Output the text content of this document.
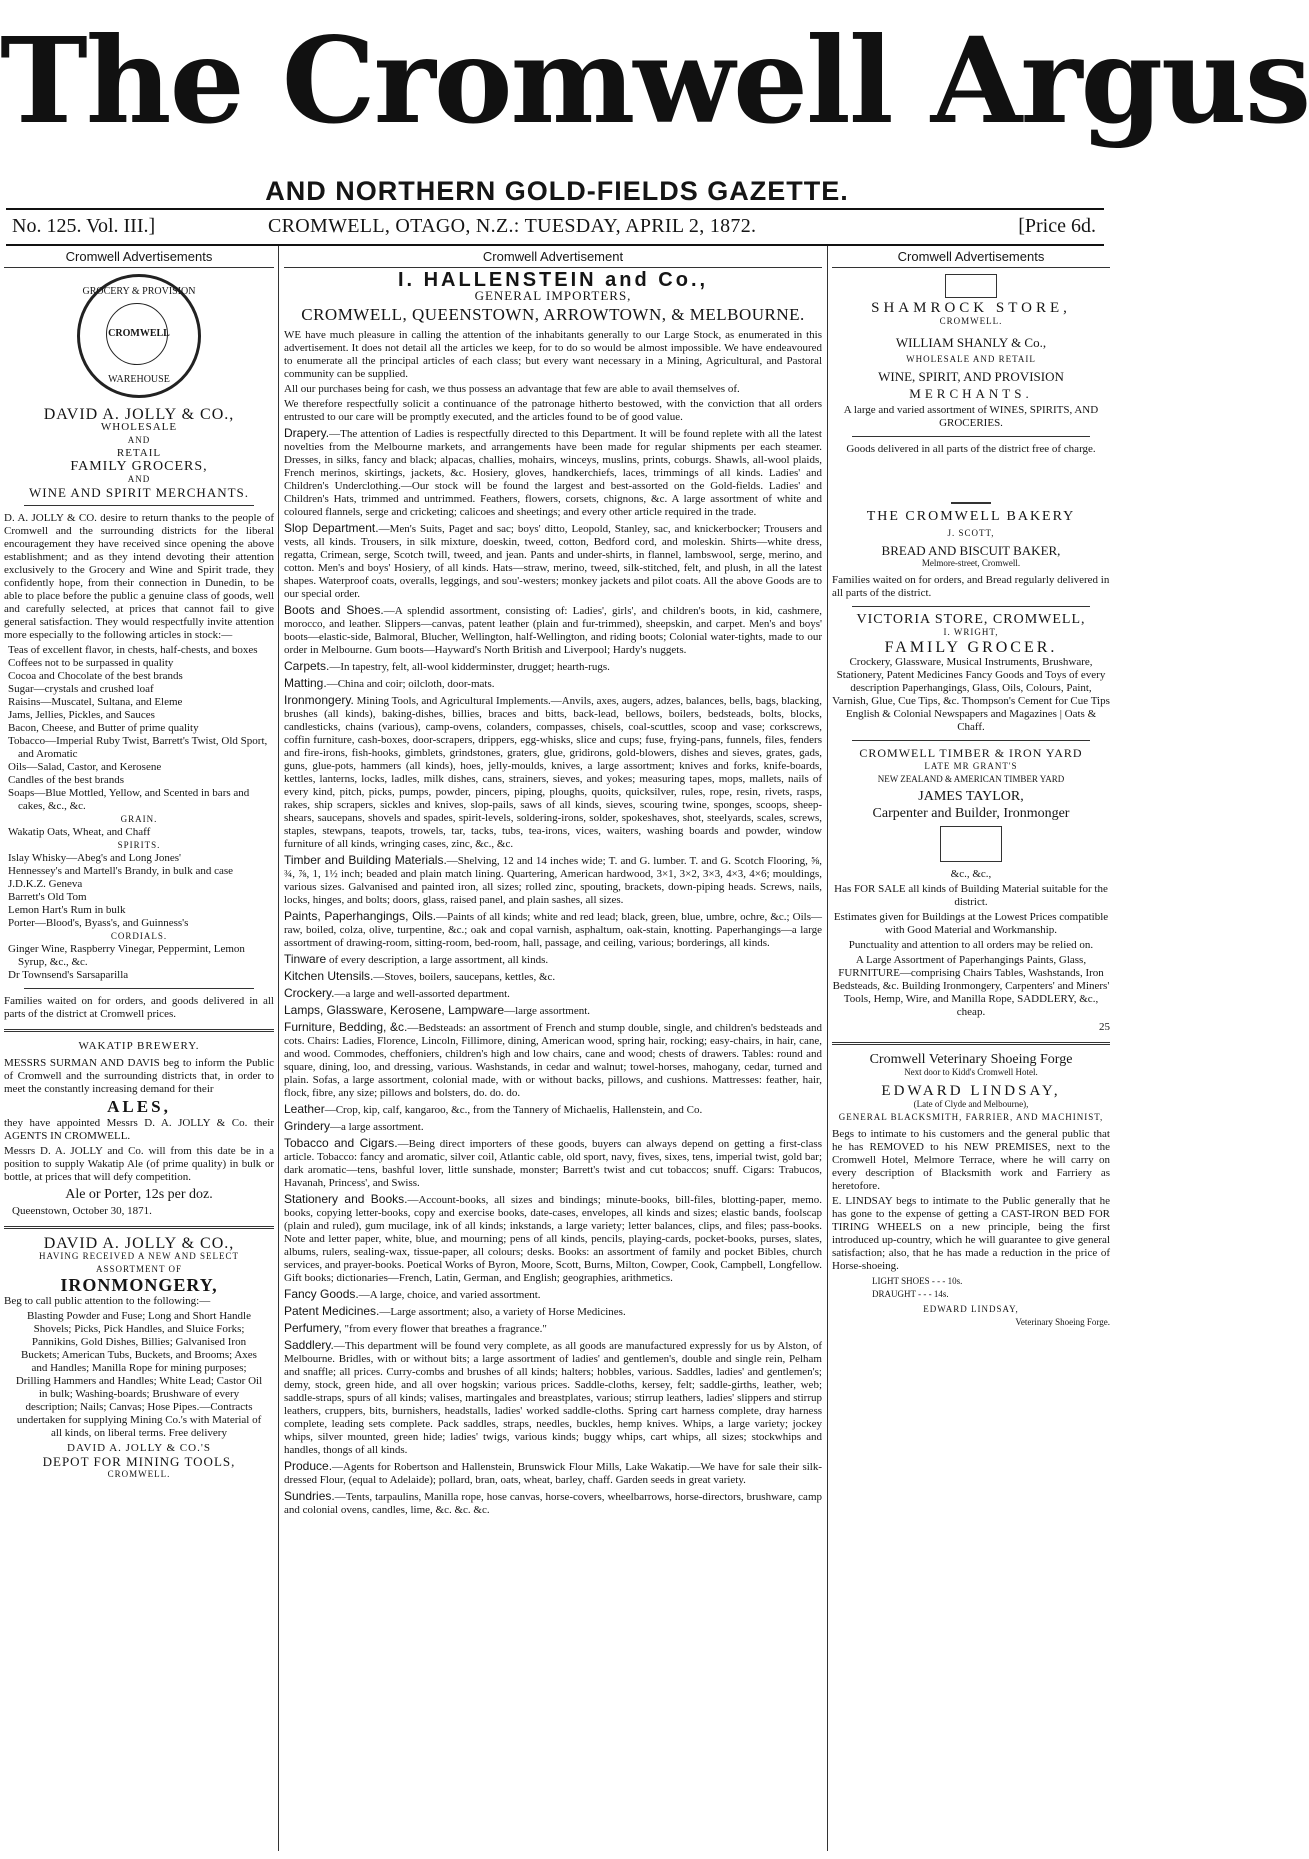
The Cromwell Argus
AND NORTHERN GOLD-FIELDS GAZETTE.
No. 125. Vol. III.]	CROMWELL, OTAGO, N.Z.: TUESDAY, APRIL 2, 1872.	[Price 6d.
Cromwell Advertisements
GROCERY & PROVISION
CROMWELL
WAREHOUSE
DAVID A. JOLLY & CO.,
WHOLESALE
AND
RETAIL
FAMILY GROCERS,
AND
WINE AND SPIRIT MERCHANTS.

D. A. JOLLY & CO. desire to return thanks to the people of Cromwell and the surrounding districts for the liberal encouragement they have received since opening the above establishment; and as they intend devoting their attention exclusively to the Grocery and Wine and Spirit trade, they confidently hope, from their connection in Dunedin, to be able to place before the public a genuine class of goods, well and carefully selected, at prices that cannot fail to give general satisfaction. They would respectfully invite attention more especially to the following articles in stock:—

Teas of excellent flavor, in chests, half-chests, and boxes
Coffees not to be surpassed in quality
Cocoa and Chocolate of the best brands
Sugar—crystals and crushed loaf
Raisins—Muscatel, Sultana, and Eleme
Jams, Jellies, Pickles, and Sauces
Bacon, Cheese, and Butter of prime quality
Tobacco—Imperial Ruby Twist, Barrett's Twist, Old Sport, and Aromatic
Oils—Salad, Castor, and Kerosene
Candles of the best brands
Soaps—Blue Mottled, Yellow, and Scented in bars and cakes, &c., &c.
GRAIN.
Wakatip Oats, Wheat, and Chaff
SPIRITS.
Islay Whisky—Abeg's and Long Jones'
Hennessey's and Martell's Brandy, in bulk and case
J.D.K.Z. Geneva
Barrett's Old Tom
Lemon Hart's Rum in bulk
Porter—Blood's, Byass's, and Guinness's
CORDIALS.
Ginger Wine, Raspberry Vinegar, Peppermint, Lemon Syrup, &c., &c.
Dr Townsend's Sarsaparilla

Families waited on for orders, and goods delivered in all parts of the district at Cromwell prices.

WAKATIP BREWERY.

MESSRS SURMAN AND DAVIS beg to inform the Public of Cromwell and the surrounding districts that, in order to meet the constantly increasing demand for their

ALES,

they have appointed Messrs D. A. JOLLY & Co. their AGENTS IN CROMWELL.

Messrs D. A. JOLLY and Co. will from this date be in a position to supply Wakatip Ale (of prime quality) in bulk or bottle, at prices that will defy competition.

Ale or Porter, 12s per doz.

Queenstown, October 30, 1871.

DAVID A. JOLLY & CO.,
HAVING RECEIVED A NEW AND SELECT
ASSORTMENT OF
IRONMONGERY,

Beg to call public attention to the following:—

Blasting Powder and Fuse; Long and Short Handle Shovels; Picks, Pick Handles, and Sluice Forks; Pannikins, Gold Dishes, Billies; Galvanised Iron Buckets; American Tubs, Buckets, and Brooms; Axes and Handles; Manilla Rope for mining purposes; Drilling Hammers and Handles; White Lead; Castor Oil in bulk; Washing-boards; Brushware of every description; Nails; Canvas; Hose Pipes.—Contracts undertaken for supplying Mining Co.'s with Material of all kinds, on liberal terms. Free delivery

DAVID A. JOLLY & CO.'S
DEPOT FOR MINING TOOLS,
CROMWELL.
Cromwell Advertisement
I. HALLENSTEIN and Co.,
GENERAL IMPORTERS,
CROMWELL, QUEENSTOWN, ARROWTOWN, & MELBOURNE.

WE have much pleasure in calling the attention of the inhabitants generally to our Large Stock, as enumerated in this advertisement. It does not detail all the articles we keep, for to do so would be almost impossible. We have endeavoured to enumerate all the principal articles of each class; but every want necessary in a Mining, Agricultural, and Pastoral community can be supplied.

All our purchases being for cash, we thus possess an advantage that few are able to avail themselves of.

We therefore respectfully solicit a continuance of the patronage hitherto bestowed, with the conviction that all orders entrusted to our care will be promptly executed, and the articles found to be of good value.

Drapery.—The attention of Ladies is respectfully directed to this Department. It will be found replete with all the latest novelties from the Melbourne markets, and arrangements have been made for regular shipments per each steamer. Dresses, in silks, fancy and black; alpacas, challies, mohairs, winceys, muslins, prints, coburgs. Shawls, all-wool plaids, French merinos, skirtings, jackets, &c. Hosiery, gloves, handkerchiefs, laces, trimmings of all kinds. Ladies' and Children's Underclothing.—Our stock will be found the largest and best-assorted on the Gold-fields. Ladies' and Children's Hats, trimmed and untrimmed. Feathers, flowers, corsets, chignons, &c. A large assortment of white and coloured flannels, serge and cricketing; calicoes and sheetings; and every other article required in the trade.

Slop Department.—Men's Suits, Paget and sac; boys' ditto, Leopold, Stanley, sac, and knickerbocker; Trousers and vests, all kinds. Trousers, in silk mixture, doeskin, tweed, cotton, Bedford cord, and moleskin. Shirts—white dress, regatta, Crimean, serge, Scotch twill, tweed, and jean. Pants and under-shirts, in flannel, lambswool, serge, merino, and cotton. Men's and boys' Hosiery, of all kinds. Hats—straw, merino, tweed, silk-stitched, felt, and plush, in all the latest shapes. Waterproof coats, overalls, leggings, and sou'-westers; monkey jackets and pilot coats. All the above Goods are to our special order.

Boots and Shoes.—A splendid assortment, consisting of: Ladies', girls', and children's boots, in kid, cashmere, morocco, and leather. Slippers—canvas, patent leather (plain and fur-trimmed), sheepskin, and carpet. Men's and boys' boots—elastic-side, Balmoral, Blucher, Wellington, half-Wellington, and riding boots; Colonial water-tights, made to our order in Melbourne. Gum boots—Hayward's North British and Liverpool; Hardy's nuggets.

Carpets.—In tapestry, felt, all-wool kidderminster, drugget; hearth-rugs.

Matting.—China and coir; oilcloth, door-mats.

Ironmongery. Mining Tools, and Agricultural Implements.—Anvils, axes, augers, adzes, balances, bells, bags, blacking, brushes (all kinds), baking-dishes, billies, braces and bitts, back-lead, bellows, boilers, bedsteads, bolts, blocks, candlesticks, chains (various), camp-ovens, colanders, compasses, chisels, coal-scuttles, scoop and vase; corkscrews, coffin furniture, cash-boxes, door-scrapers, drippers, egg-whisks, slice and cups; fuse, frying-pans, funnels, files, fenders and fire-irons, fish-hooks, gimblets, grindstones, graters, glue, gridirons, gold-blowers, dishes and sieves, grates, gads, guns, glue-pots, hammers (all kinds), hoes, jelly-moulds, knives, a large assortment; knives and forks, knife-boards, kettles, lanterns, locks, ladles, milk dishes, cans, strainers, sieves, and yokes; measuring tapes, mops, mallets, nails of every kind, pitch, picks, pumps, powder, pincers, piping, ploughs, quoits, quicksilver, rules, rope, resin, rivets, rasps, rakes, ship scrapers, sickles and knives, slop-pails, saws of all kinds, sieves, scouring twine, sponges, scoops, sheep-shears, saucepans, shovels and spades, spirit-levels, soldering-irons, solder, spokeshaves, shot, steelyards, scales, screws, staples, stewpans, teapots, trowels, tar, tacks, tubs, tea-irons, vices, waiters, washing boards and powder, window furniture of all kinds, wringing cases, zinc, &c., &c.

Timber and Building Materials.—Shelving, 12 and 14 inches wide; T. and G. lumber. T. and G. Scotch Flooring, ⅝, ¾, ⅞, 1, 1½ inch; beaded and plain match lining. Quartering, American hardwood, 3×1, 3×2, 3×3, 4×3, 4×6; mouldings, various sizes. Galvanised and painted iron, all sizes; rolled zinc, spouting, brackets, down-piping heads. Screws, nails, locks, hinges, and bolts; doors, glass, raised panel, and plain sashes, all sizes.

Paints, Paperhangings, Oils.—Paints of all kinds; white and red lead; black, green, blue, umbre, ochre, &c.; Oils—raw, boiled, colza, olive, turpentine, &c.; oak and copal varnish, asphaltum, oak-stain, knotting. Paperhangings—a large assortment of drawing-room, sitting-room, bed-room, hall, passage, and ceiling, various; borderings, all kinds.

Tinware of every description, a large assortment, all kinds.

Kitchen Utensils.—Stoves, boilers, saucepans, kettles, &c.

Crockery.—a large and well-assorted department.

Lamps, Glassware, Kerosene, Lampware—large assortment.

Furniture, Bedding, &c.—Bedsteads: an assortment of French and stump double, single, and children's bedsteads and cots. Chairs: Ladies, Florence, Lincoln, Fillimore, dining, American wood, spring hair, rocking; easy-chairs, in hair, cane, and wood. Commodes, cheffoniers, children's high and low chairs, cane and wood; chests of drawers. Tables: round and square, dining, loo, and dressing, various. Washstands, in cedar and walnut; towel-horses, mahogany, cedar, turned and plain. Sofas, a large assortment, colonial made, with or without backs, pillows, and cushions. Mattresses: feather, hair, flock, fibre, any size; pillows and bolsters, do. do. do.

Leather—Crop, kip, calf, kangaroo, &c., from the Tannery of Michaelis, Hallenstein, and Co.

Grindery—a large assortment.

Tobacco and Cigars.—Being direct importers of these goods, buyers can always depend on getting a first-class article. Tobacco: fancy and aromatic, silver coil, Atlantic cable, old sport, navy, fives, sixes, tens, imperial twist, gold bar; dark aromatic—tens, bashful lover, little sunshade, monster; Barrett's twist and cut tobaccos; snuff. Cigars: Trabucos, Havanah, Princess', and Swiss.

Stationery and Books.—Account-books, all sizes and bindings; minute-books, bill-files, blotting-paper, memo. books, copying letter-books, copy and exercise books, date-cases, envelopes, all kinds and sizes; elastic bands, foolscap (plain and ruled), gum mucilage, ink of all kinds; inkstands, a large variety; letter balances, clips, and files; pass-books. Note and letter paper, white, blue, and mourning; pens of all kinds, pencils, playing-cards, pocket-books, purses, slates, albums, rulers, sealing-wax, tissue-paper, all colours; desks. Books: an assortment of family and pocket Bibles, church services, and prayer-books. Poetical Works of Byron, Moore, Scott, Burns, Milton, Cowper, Cook, Campbell, Longfellow. Gift books; dictionaries—French, Latin, German, and English; geographies, arithmetics.

Fancy Goods.—A large, choice, and varied assortment.

Patent Medicines.—Large assortment; also, a variety of Horse Medicines.

Perfumery, "from every flower that breathes a fragrance."

Saddlery.—This department will be found very complete, as all goods are manufactured expressly for us by Alston, of Melbourne. Bridles, with or without bits; a large assortment of ladies' and gentlemen's, double and single rein, Pelham and snaffle; all prices. Curry-combs and brushes of all kinds; halters; hobbles, various. Saddles, ladies' and gentlemen's; demy, stock, green hide, and all over hogskin; various prices. Saddle-cloths, kersey, felt; saddle-girths, leather, web; saddle-straps, spurs of all kinds; valises, martingales and breastplates, various; stirrup leathers, ladies' slippers and stirrup leathers, cruppers, bits, burnishers, headstalls, ladies' worked saddle-cloths. Spring cart harness complete, dray harness complete, leading sets complete. Pack saddles, straps, needles, buckles, hemp knives. Whips, a large variety; jockey whips, silver mounted, green hide; ladies' twigs, various kinds; buggy whips, cart whips, all sizes; stockwhips and handles, thongs of all kinds.

Produce.—Agents for Robertson and Hallenstein, Brunswick Flour Mills, Lake Wakatip.—We have for sale their silk-dressed Flour, (equal to Adelaide); pollard, bran, oats, wheat, barley, chaff. Garden seeds in great variety.

Sundries.—Tents, tarpaulins, Manilla rope, hose canvas, horse-covers, wheelbarrows, horse-directors, brushware, camp and colonial ovens, candles, lime, &c. &c. &c.

Cromwell Advertisements
SHAMROCK STORE,
CROMWELL.
WILLIAM SHANLY & Co.,
WHOLESALE AND RETAIL
WINE, SPIRIT, AND PROVISION
MERCHANTS.

A large and varied assortment of WINES, SPIRITS, AND GROCERIES.

Goods delivered in all parts of the district free of charge.

THE CROMWELL BAKERY
J. SCOTT,
BREAD AND BISCUIT BAKER,
Melmore-street, Cromwell.

Families waited on for orders, and Bread regularly delivered in all parts of the district.

VICTORIA STORE, CROMWELL,
I. WRIGHT,
FAMILY GROCER.

Crockery, Glassware, Musical Instruments, Brushware, Stationery, Patent Medicines Fancy Goods and Toys of every description Paperhangings, Glass, Oils, Colours, Paint, Varnish, Glue, Cue Tips, &c. Thompson's Cement for Cue Tips English & Colonial Newspapers and Magazines | Oats & Chaff.

CROMWELL TIMBER & IRON YARD
LATE MR GRANT'S
NEW ZEALAND & AMERICAN TIMBER YARD
JAMES TAYLOR,
Carpenter and Builder, Ironmonger
&c., &c.,

Has FOR SALE all kinds of Building Material suitable for the district.

Estimates given for Buildings at the Lowest Prices compatible with Good Material and Workmanship.

Punctuality and attention to all orders may be relied on.

A Large Assortment of Paperhangings Paints, Glass, FURNITURE—comprising Chairs Tables, Washstands, Iron Bedsteads, &c. Building Ironmongery, Carpenters' and Miners' Tools, Hemp, Wire, and Manilla Rope, SADDLERY, &c., cheap.

25
Cromwell Veterinary Shoeing Forge
Next door to Kidd's Cromwell Hotel.
EDWARD LINDSAY,
(Late of Clyde and Melbourne),
GENERAL BLACKSMITH, FARRIER, AND MACHINIST,

Begs to intimate to his customers and the general public that he has REMOVED to his NEW PREMISES, next to the Cromwell Hotel, Melmore Terrace, where he will carry on every description of Blacksmith work and Farriery as heretofore.

E. LINDSAY begs to intimate to the Public generally that he has gone to the expense of getting a CAST-IRON BED FOR TIRING WHEELS on a new principle, being the first introduced up-country, which he will guarantee to give general satisfaction; also, that he has made a reduction in the price of Horse-shoeing.

LIGHT SHOES - - - 10s.
DRAUGHT - - - 14s.
EDWARD LINDSAY,
Veterinary Shoeing Forge.
